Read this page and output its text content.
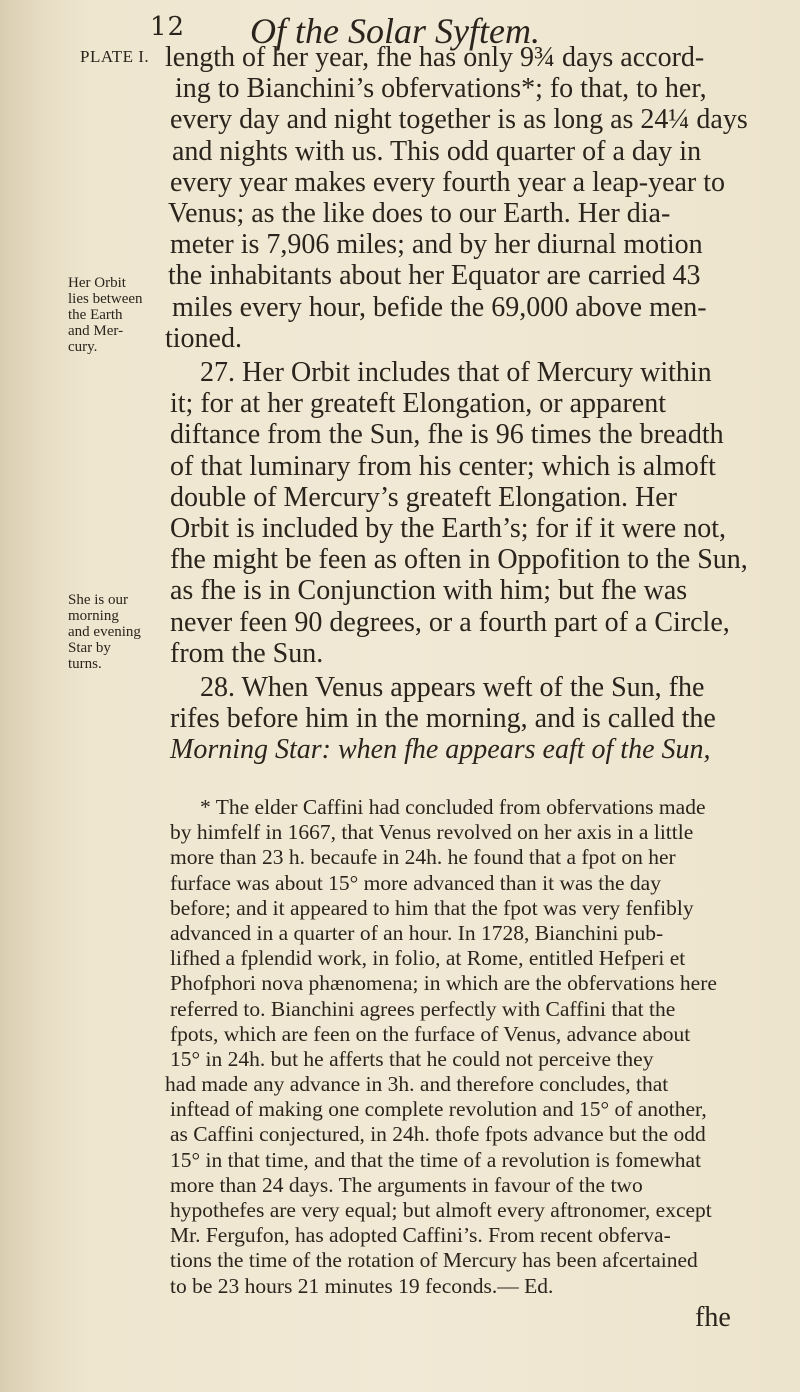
12 Of the Solar Syftem.
PLATE I.
Her Orbit
lies between
the Earth
and Mer-
cury.
She is our
morning
and evening
Star by
turns.
length of her year, fhe has only 9¾ days accord-
ing to Bianchini’s obfervations*; fo that, to her,
every day and night together is as long as 24¼ days
and nights with us. This odd quarter of a day in
every year makes every fourth year a leap-year to
Venus; as the like does to our Earth. Her dia-
meter is 7,906 miles; and by her diurnal motion
the inhabitants about her Equator are carried 43
miles every hour, befide the 69,000 above men-
tioned.
27. Her Orbit includes that of Mercury within
it; for at her greateft Elongation, or apparent
diftance from the Sun, fhe is 96 times the breadth
of that luminary from his center; which is almoft
double of Mercury’s greateft Elongation. Her
Orbit is included by the Earth’s; for if it were not,
fhe might be feen as often in Oppofition to the Sun,
as fhe is in Conjunction with him; but fhe was
never feen 90 degrees, or a fourth part of a Circle,
from the Sun.
28. When Venus appears weft of the Sun, fhe
rifes before him in the morning, and is called the
Morning Star: when fhe appears eaft of the Sun,
* The elder Caffini had concluded from obfervations made
by himfelf in 1667, that Venus revolved on her axis in a little
more than 23 h. becaufe in 24h. he found that a fpot on her
furface was about 15° more advanced than it was the day
before; and it appeared to him that the fpot was very fenfibly
advanced in a quarter of an hour. In 1728, Bianchini pub-
lifhed a fplendid work, in folio, at Rome, entitled Hefperi et
Phofphori nova phænomena; in which are the obfervations here
referred to. Bianchini agrees perfectly with Caffini that the
fpots, which are feen on the furface of Venus, advance about
15° in 24h. but he afferts that he could not perceive they
had made any advance in 3h. and therefore concludes, that
inftead of making one complete revolution and 15° of another,
as Caffini conjectured, in 24h. thofe fpots advance but the odd
15° in that time, and that the time of a revolution is fomewhat
more than 24 days. The arguments in favour of the two
hypothefes are very equal; but almoft every aftronomer, except
Mr. Fergufon, has adopted Caffini’s. From recent obferva-
tions the time of the rotation of Mercury has been afcertained
to be 23 hours 21 minutes 19 feconds.— Ed.
fhe
